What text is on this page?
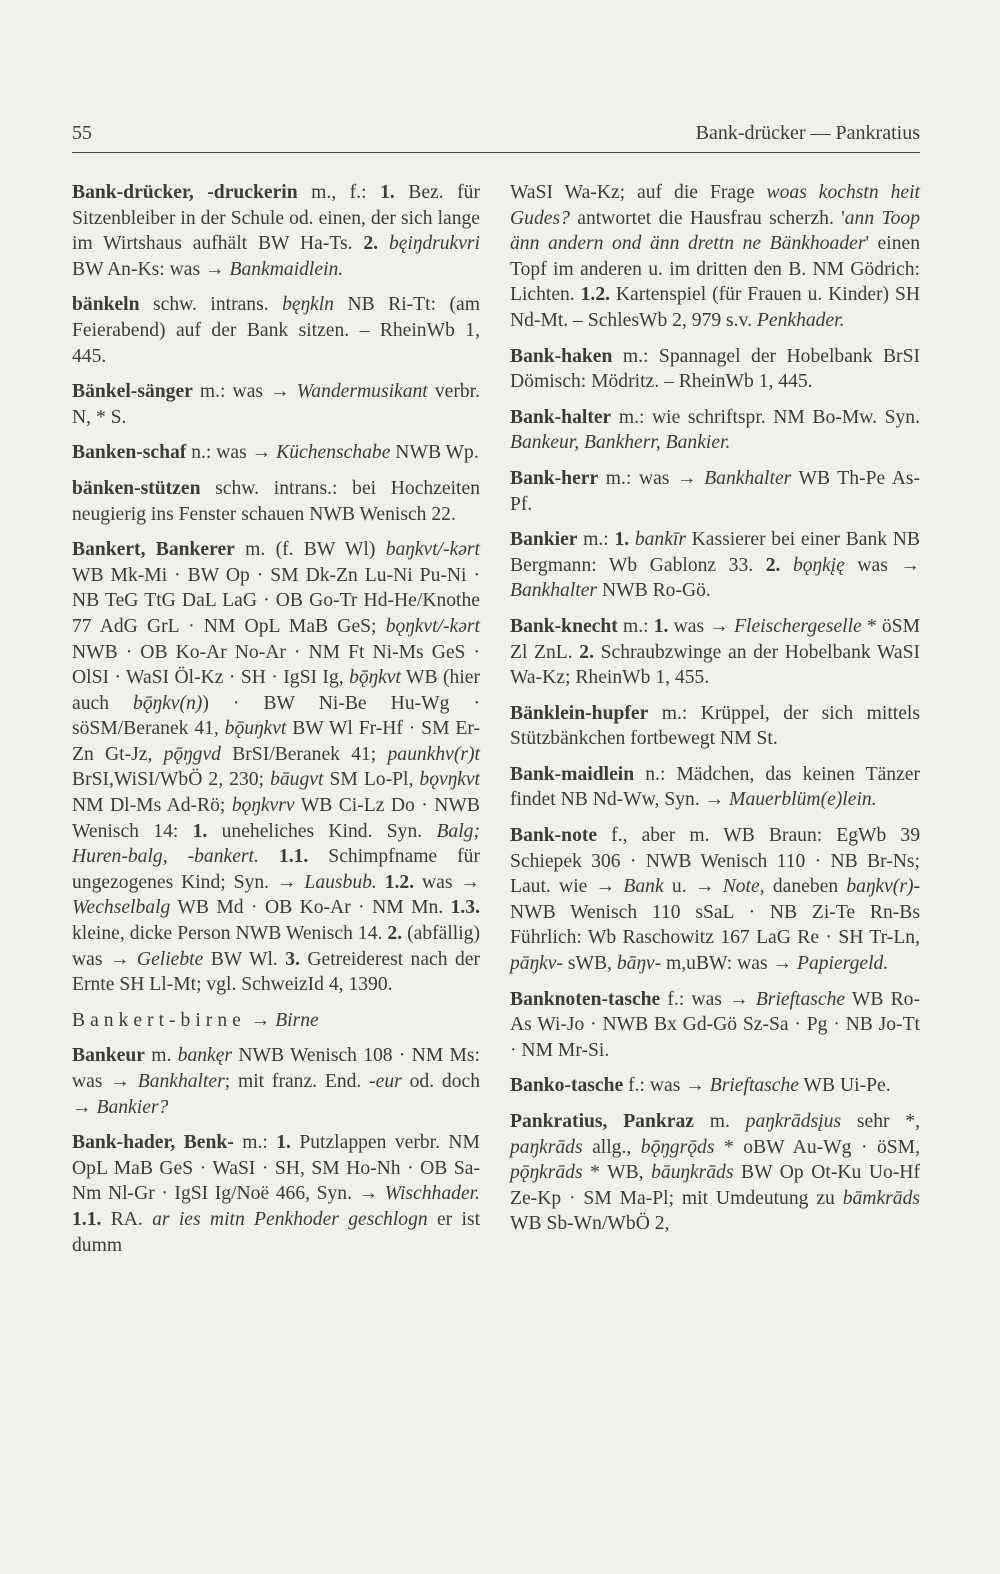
55	Bank-drücker — Pankratius

Bank-drücker, -druckerin m., f.: 1. Bez. für Sitzenbleiber in der Schule od. einen, der sich lange im Wirtshaus aufhält BW Ha-Ts. 2. bęiŋdrukvri BW An-Ks: was → Bankmaidlein.

bänkeln schw. intrans. bęŋkln NB Ri-Tt: (am Feierabend) auf der Bank sitzen. – RheinWb 1, 445.

Bänkel-sänger m.: was → Wandermusikant verbr. N, * S.

Banken-schaf n.: was → Küchenschabe NWB Wp.

bänken-stützen schw. intrans.: bei Hochzeiten neugierig ins Fenster schauen NWB Wenisch 22.

Bankert, Bankerer m. (f. BW Wl) baŋkvt/-kərt WB Mk-Mi · BW Op · SM Dk-Zn Lu-Ni Pu-Ni · NB TeG TtG DaL LaG · OB Go-Tr Hd-He/Knothe 77 AdG GrL · NM OpL MaB GeS; bǫŋkvt/-kərt NWB · OB Ko-Ar No-Ar · NM Ft Ni-Ms GeS · OlSI · WaSI Öl-Kz · SH · IgSI Ig, bǭŋkvt WB (hier auch bǭŋkv(n)) · BW Ni-Be Hu-Wg · söSM/Beranek 41, bǭuŋkvt BW Wl Fr-Hf · SM Er-Zn Gt-Jz, pǭŋgvd BrSI/Beranek 41; paunkhv(r)t BrSI,WiSI/WbÖ 2, 230; bāugvt SM Lo-Pl, bǫvŋkvt NM Dl-Ms Ad-Rö; bǫŋkvrv WB Ci-Lz Do · NWB Wenisch 14: 1. uneheliches Kind. Syn. Balg; Huren-balg, -bankert. 1.1. Schimpfname für ungezogenes Kind; Syn. → Lausbub. 1.2. was → Wechselbalg WB Md · OB Ko-Ar · NM Mn. 1.3. kleine, dicke Person NWB Wenisch 14. 2. (abfällig) was → Geliebte BW Wl. 3. Getreiderest nach der Ernte SH Ll-Mt; vgl. SchweizId 4, 1390.

Bankert-birne → Birne

Bankeur m. bankęr NWB Wenisch 108 · NM Ms: was → Bankhalter; mit franz. End. -eur od. doch → Bankier?

Bank-hader, Benk- m.: 1. Putzlappen verbr. NM OpL MaB GeS · WaSI · SH, SM Ho-Nh · OB Sa-Nm Nl-Gr · IgSI Ig/Noë 466, Syn. → Wischhader. 1.1. RA. ar ies mitn Penkhoder geschlogn er ist dumm

WaSI Wa-Kz; auf die Frage woas kochstn heit Gudes? antwortet die Hausfrau scherzh. 'ann Toop änn andern ond änn drettn ne Bänkhoader' einen Topf im anderen u. im dritten den B. NM Gödrich: Lichten. 1.2. Kartenspiel (für Frauen u. Kinder) SH Nd-Mt. – SchlesWb 2, 979 s.v. Penkhader.

Bank-haken m.: Spannagel der Hobelbank BrSI Dömisch: Mödritz. – RheinWb 1, 445.

Bank-halter m.: wie schriftspr. NM Bo-Mw. Syn. Bankeur, Bankherr, Bankier.

Bank-herr m.: was → Bankhalter WB Th-Pe As-Pf.

Bankier m.: 1. bankīr Kassierer bei einer Bank NB Bergmann: Wb Gablonz 33. 2. bǫŋkįę was → Bankhalter NWB Ro-Gö.

Bank-knecht m.: 1. was → Fleischergeselle * öSM Zl ZnL. 2. Schraubzwinge an der Hobelbank WaSI Wa-Kz; RheinWb 1, 455.

Bänklein-hupfer m.: Krüppel, der sich mittels Stützbänkchen fortbewegt NM St.

Bank-maidlein n.: Mädchen, das keinen Tänzer findet NB Nd-Ww, Syn. → Mauerblüm(e)lein.

Bank-note f., aber m. WB Braun: EgWb 39 Schiepek 306 · NWB Wenisch 110 · NB Br-Ns; Laut. wie → Bank u. → Note, daneben baŋkv(r)- NWB Wenisch 110 sSaL · NB Zi-Te Rn-Bs Führlich: Wb Raschowitz 167 LaG Re · SH Tr-Ln, pāŋkv- sWB, bāŋv- m,uBW: was → Papiergeld.

Banknoten-tasche f.: was → Brieftasche WB Ro-As Wi-Jo · NWB Bx Gd-Gö Sz-Sa · Pg · NB Jo-Tt · NM Mr-Si.

Banko-tasche f.: was → Brieftasche WB Ui-Pe.

Pankratius, Pankraz m. paŋkrādsįus sehr *, paŋkrāds allg., bǭŋgrǭds * oBW Au-Wg · öSM, pǭŋkrāds * WB, bāuŋkrāds BW Op Ot-Ku Uo-Hf Ze-Kp · SM Ma-Pl; mit Umdeutung zu bāmkrāds WB Sb-Wn/WbÖ 2,
